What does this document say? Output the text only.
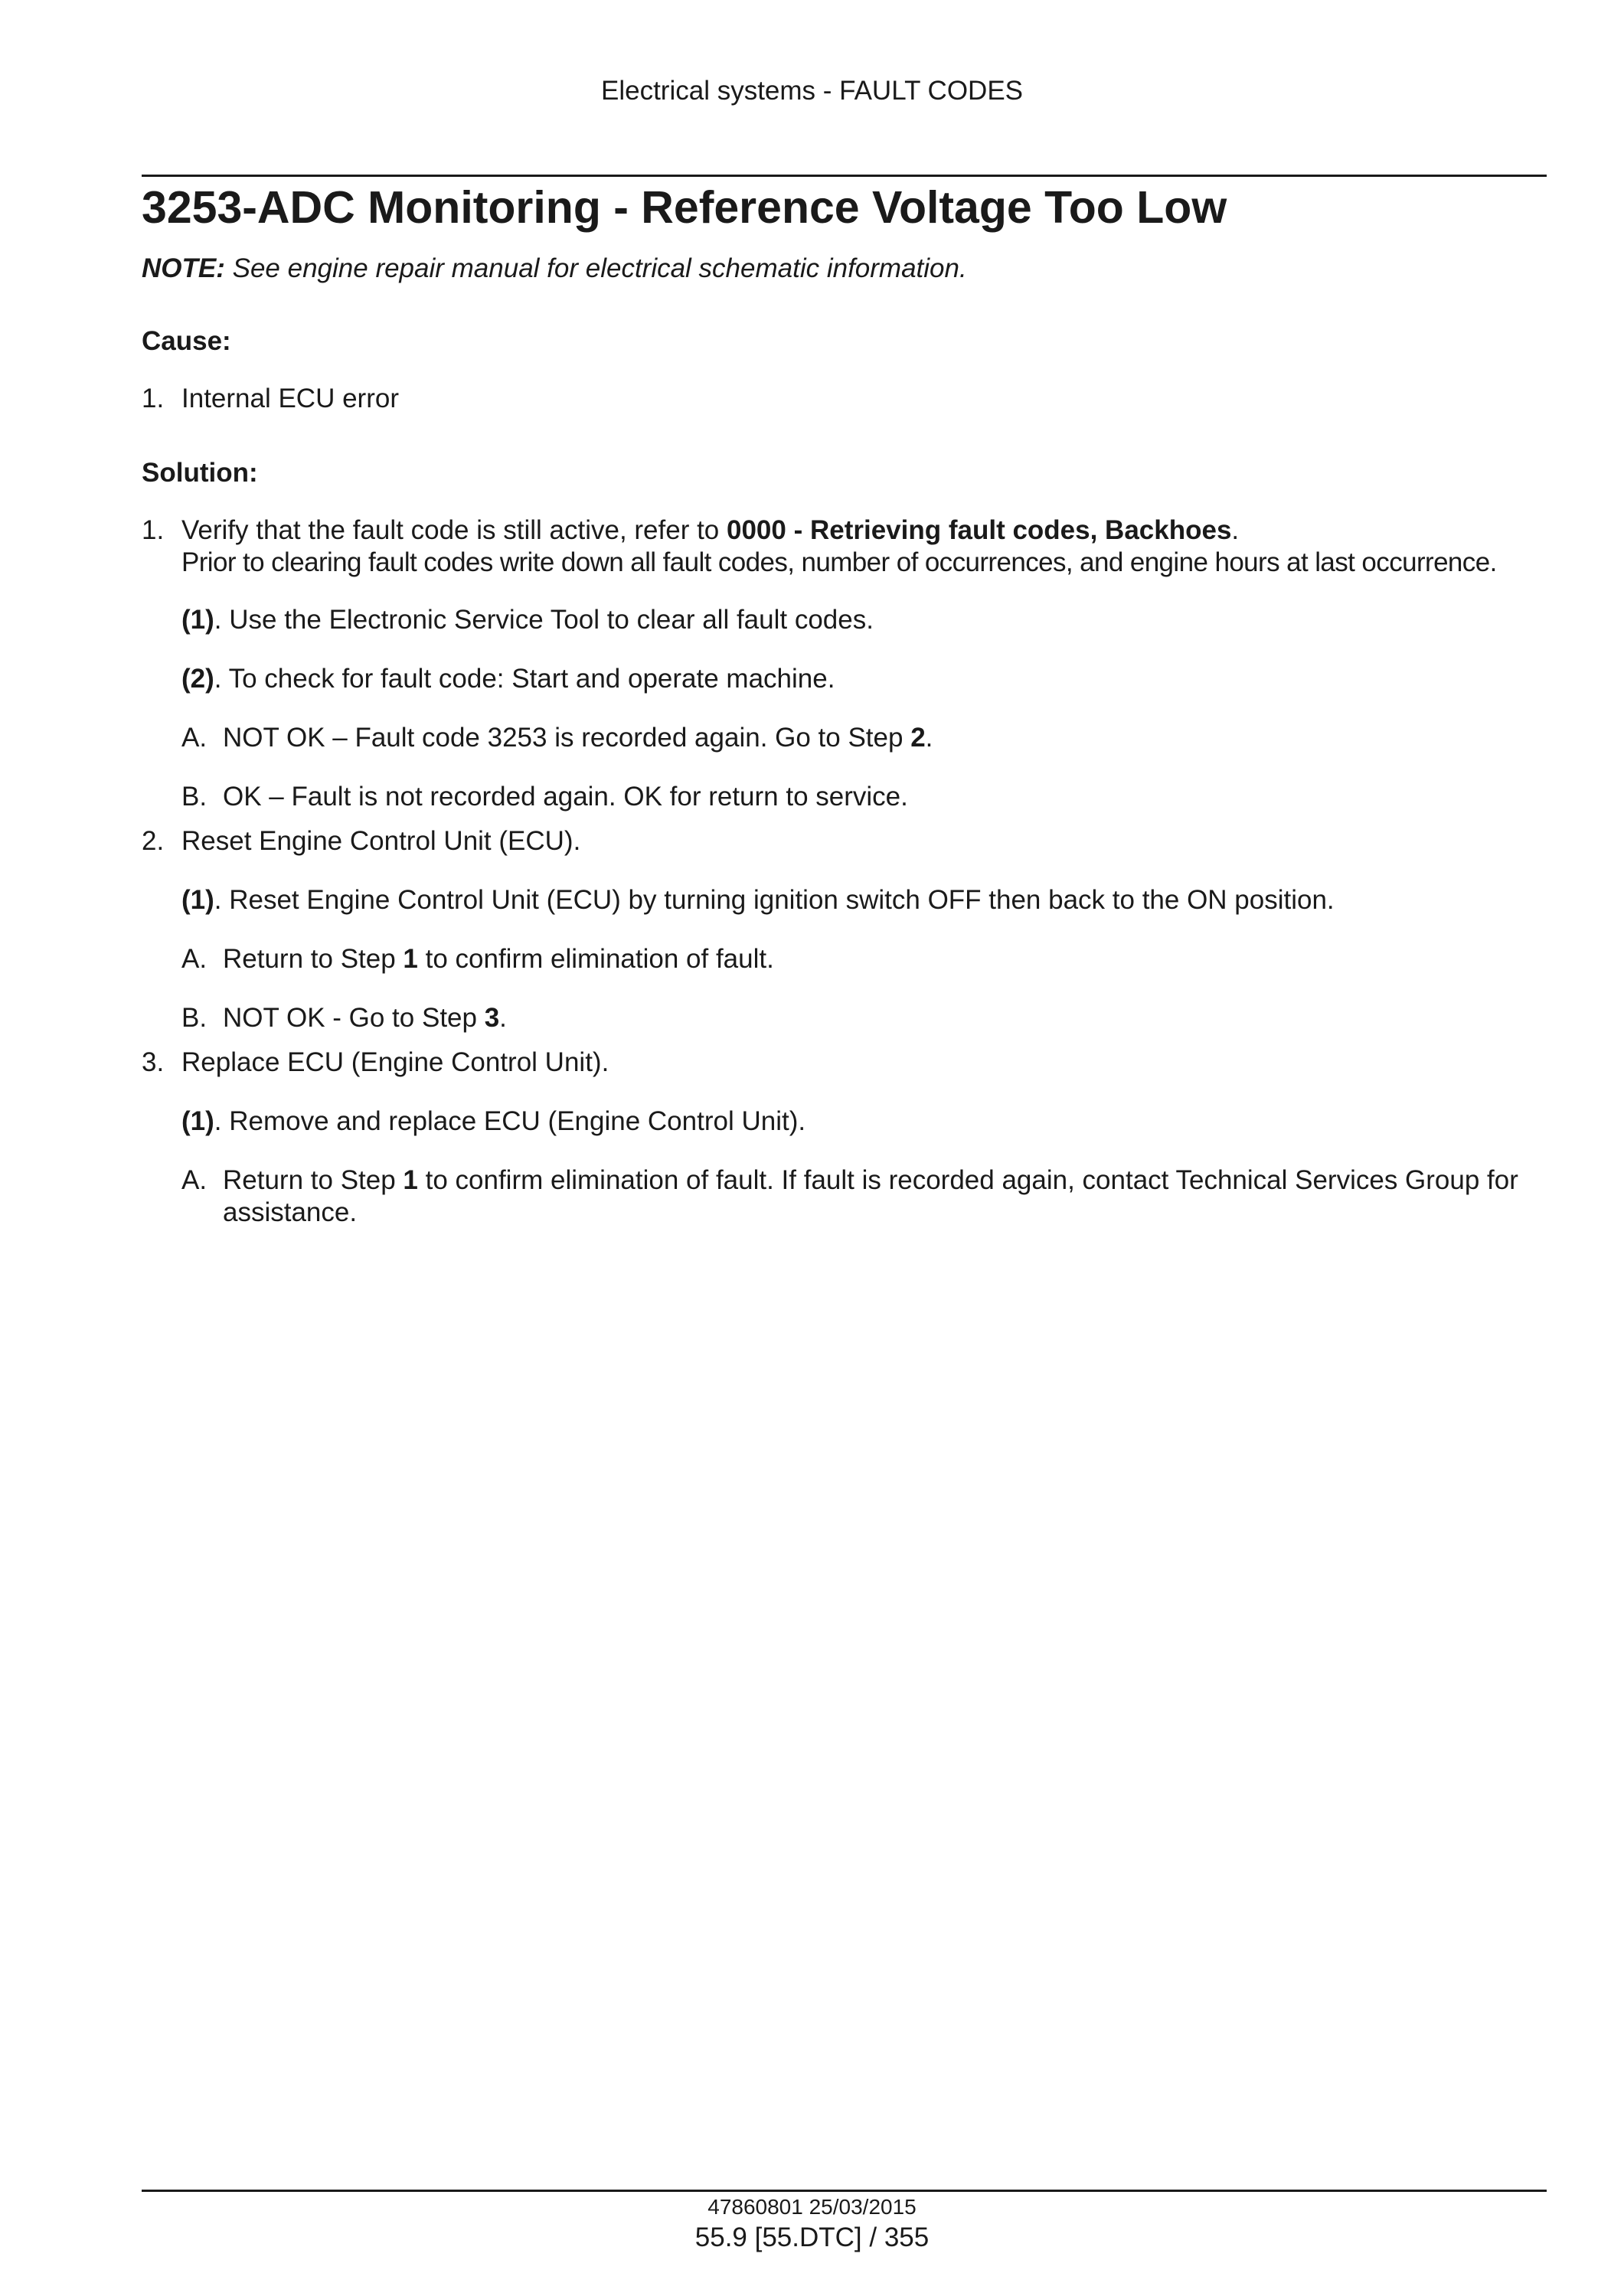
Electrical systems - FAULT CODES
3253-ADC Monitoring - Reference Voltage Too Low
NOTE: See engine repair manual for electrical schematic information.
Cause:
1. Internal ECU error
Solution:
1. Verify that the fault code is still active, refer to 0000 - Retrieving fault codes, Backhoes.
Prior to clearing fault codes write down all fault codes, number of occurrences, and engine hours at last occurrence.
(1). Use the Electronic Service Tool to clear all fault codes.
(2). To check for fault code: Start and operate machine.
A. NOT OK – Fault code 3253 is recorded again. Go to Step 2.
B. OK – Fault is not recorded again. OK for return to service.
2. Reset Engine Control Unit (ECU).
(1). Reset Engine Control Unit (ECU) by turning ignition switch OFF then back to the ON position.
A. Return to Step 1 to confirm elimination of fault.
B. NOT OK - Go to Step 3.
3. Replace ECU (Engine Control Unit).
(1). Remove and replace ECU (Engine Control Unit).
A. Return to Step 1 to confirm elimination of fault. If fault is recorded again, contact Technical Services Group for
assistance.
47860801 25/03/2015
55.9 [55.DTC] / 355
